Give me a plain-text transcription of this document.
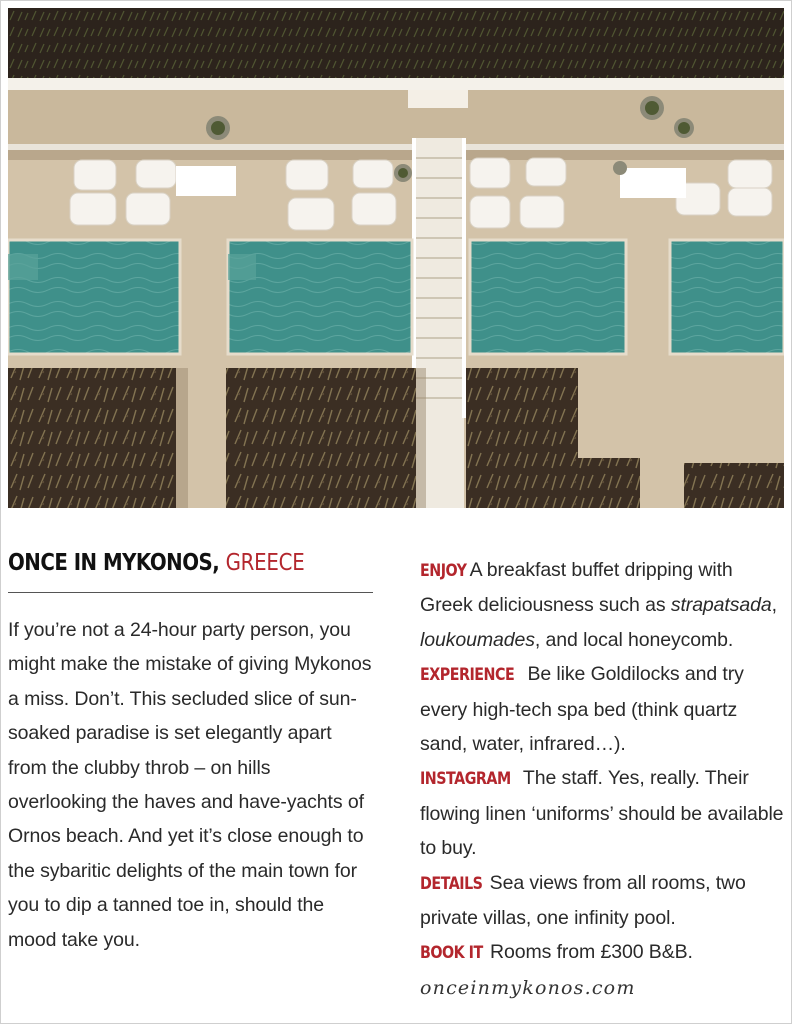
ONCE IN MYKONOS, GREECE
If you’re not a 24-hour party person, you might make the mistake of giving Mykonos a miss. Don’t. This secluded slice of sun-soaked paradise is set elegantly apart from the clubby throb – on hills overlooking the haves and have-yachts of Ornos beach. And yet it’s close enough to the sybaritic delights of the main town for you to dip a tanned toe in, should the mood take you.
ENJOY A breakfast buffet dripping with Greek deliciousness such as strapatsada, loukoumades, and local honeycomb.
EXPERIENCE Be like Goldilocks and try every high-tech spa bed (think quartz sand, water, infrared…).
INSTAGRAM The staff. Yes, really. Their flowing linen ‘uniforms’ should be available to buy.
DETAILS Sea views from all rooms, two private villas, one infinity pool.
BOOK IT Rooms from £300 B&B.
onceinmykonos.com
